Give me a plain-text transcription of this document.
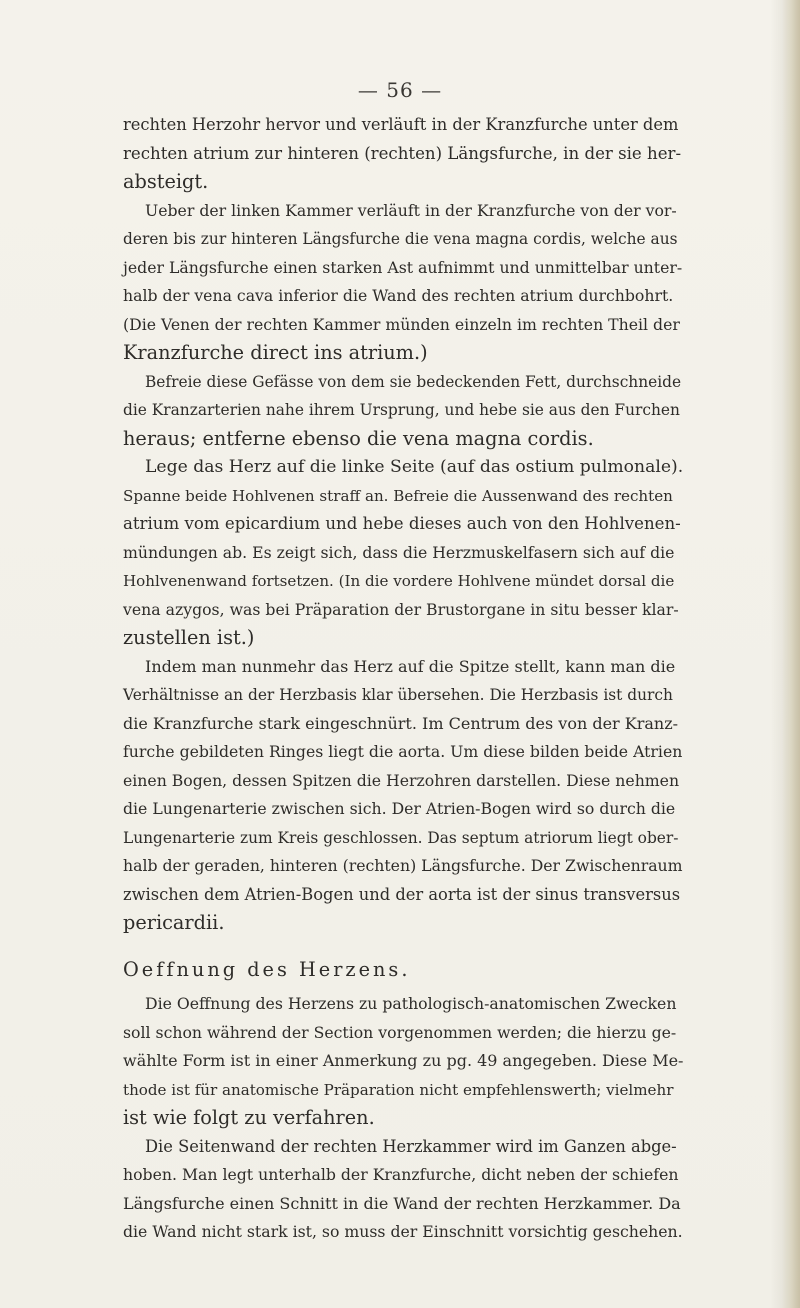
— 56 —

rechten Herzohr hervor und verläuft in der Kranzfurche unter dem
rechten atrium zur hinteren (rechten) Längsfurche, in der sie her-
absteigt.

Ueber der linken Kammer verläuft in der Kranzfurche von der vor-
deren bis zur hinteren Längsfurche die vena magna cordis, welche aus
jeder Längsfurche einen starken Ast aufnimmt und unmittelbar unter-
halb der vena cava inferior die Wand des rechten atrium durchbohrt.
(Die Venen der rechten Kammer münden einzeln im rechten Theil der
Kranzfurche direct ins atrium.)

Befreie diese Gefässe von dem sie bedeckenden Fett, durchschneide
die Kranzarterien nahe ihrem Ursprung, und hebe sie aus den Furchen
heraus; entferne ebenso die vena magna cordis.

Lege das Herz auf die linke Seite (auf das ostium pulmonale).
Spanne beide Hohlvenen straff an. Befreie die Aussenwand des rechten
atrium vom epicardium und hebe dieses auch von den Hohlvenen-
mündungen ab. Es zeigt sich, dass die Herzmuskelfasern sich auf die
Hohlvenenwand fortsetzen. (In die vordere Hohlvene mündet dorsal die
vena azygos, was bei Präparation der Brustorgane in situ besser klar-
zustellen ist.)

Indem man nunmehr das Herz auf die Spitze stellt, kann man die
Verhältnisse an der Herzbasis klar übersehen. Die Herzbasis ist durch
die Kranzfurche stark eingeschnürt. Im Centrum des von der Kranz-
furche gebildeten Ringes liegt die aorta. Um diese bilden beide Atrien
einen Bogen, dessen Spitzen die Herzohren darstellen. Diese nehmen
die Lungenarterie zwischen sich. Der Atrien-Bogen wird so durch die
Lungenarterie zum Kreis geschlossen. Das septum atriorum liegt ober-
halb der geraden, hinteren (rechten) Längsfurche. Der Zwischenraum
zwischen dem Atrien-Bogen und der aorta ist der sinus transversus
pericardii.

Oeffnung des Herzens.

Die Oeffnung des Herzens zu pathologisch-anatomischen Zwecken
soll schon während der Section vorgenommen werden; die hierzu ge-
wählte Form ist in einer Anmerkung zu pg. 49 angegeben. Diese Me-
thode ist für anatomische Präparation nicht empfehlenswerth; vielmehr
ist wie folgt zu verfahren.

Die Seitenwand der rechten Herzkammer wird im Ganzen abge-
hoben. Man legt unterhalb der Kranzfurche, dicht neben der schiefen
Längsfurche einen Schnitt in die Wand der rechten Herzkammer. Da
die Wand nicht stark ist, so muss der Einschnitt vorsichtig geschehen.
